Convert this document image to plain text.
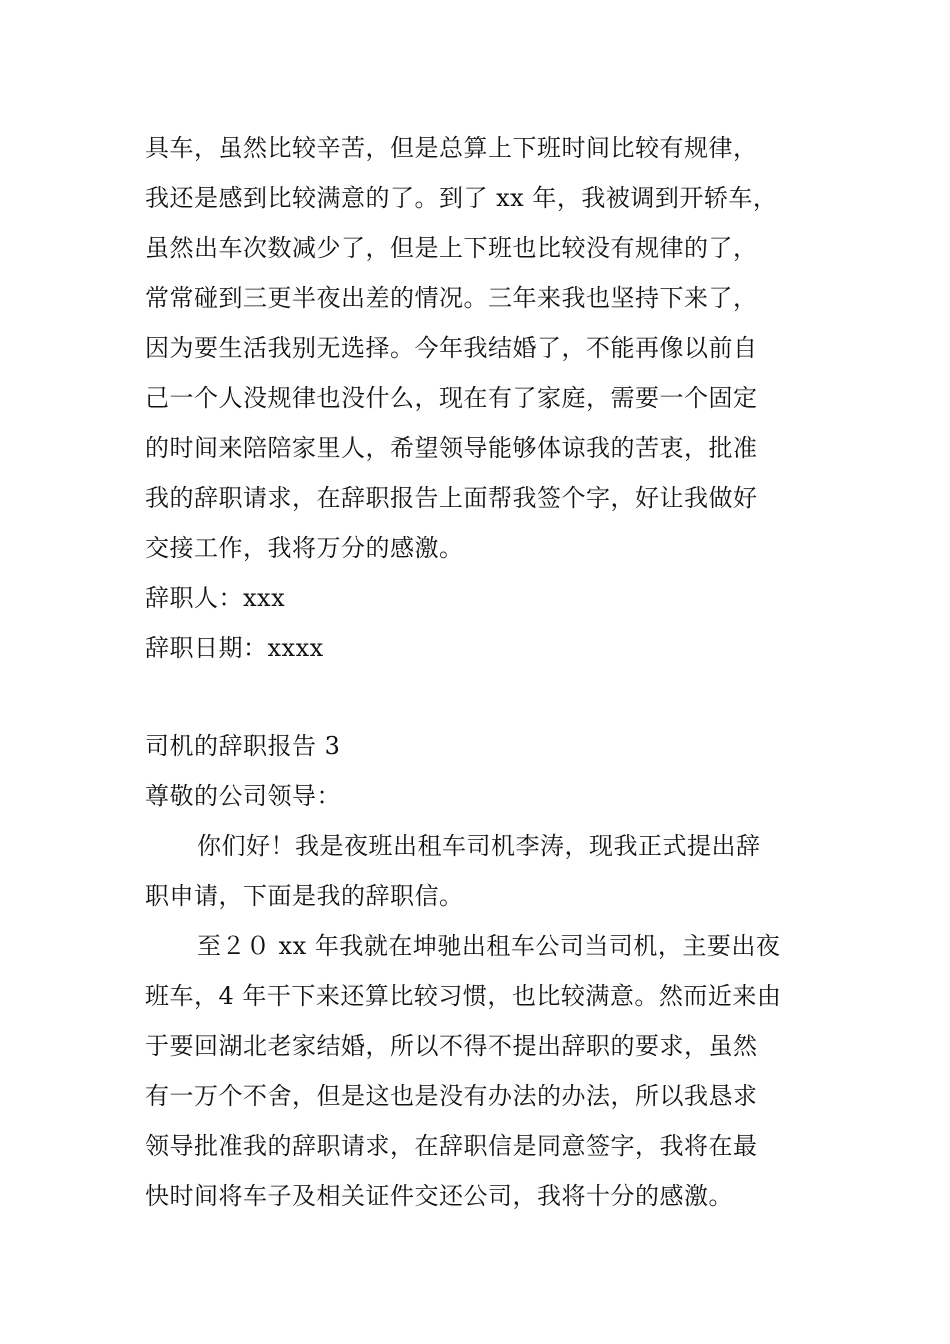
具车，虽然比较辛苦，但是总算上下班时间比较有规律，
我还是感到比较满意的了。到了 xx 年，我被调到开轿车，
虽然出车次数减少了，但是上下班也比较没有规律的了，
常常碰到三更半夜出差的情况。三年来我也坚持下来了，
因为要生活我别无选择。今年我结婚了，不能再像以前自
己一个人没规律也没什么，现在有了家庭，需要一个固定
的时间来陪陪家里人，希望领导能够体谅我的苦衷，批准
我的辞职请求，在辞职报告上面帮我签个字，好让我做好
交接工作，我将万分的感激。
辞职人：xxx
辞职日期：xxxx
司机的辞职报告 3
尊敬的公司领导：
你们好！我是夜班出租车司机李涛，现我正式提出辞
职申请，下面是我的辞职信。
至２０ xx 年我就在坤驰出租车公司当司机，主要出夜
班车，4 年干下来还算比较习惯，也比较满意。然而近来由
于要回湖北老家结婚，所以不得不提出辞职的要求，虽然
有一万个不舍，但是这也是没有办法的办法，所以我恳求
领导批准我的辞职请求，在辞职信是同意签字，我将在最
快时间将车子及相关证件交还公司，我将十分的感激。
